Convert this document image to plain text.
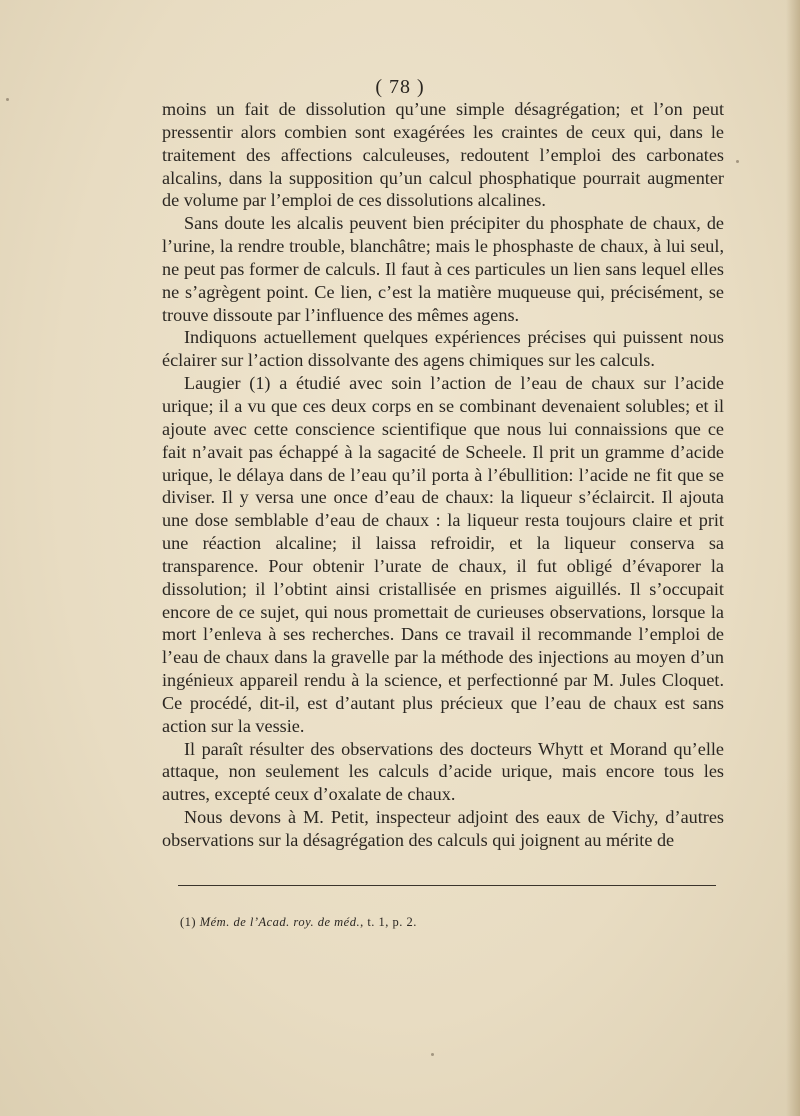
( 78 )

moins un fait de dissolution qu’une simple désagrégation; et l’on peut pressentir alors combien sont exagérées les craintes de ceux qui, dans le traitement des affections calculeuses, redoutent l’emploi des carbonates alcalins, dans la supposition qu’un calcul phosphatique pourrait augmenter de volume par l’emploi de ces dissolutions alcalines.

Sans doute les alcalis peuvent bien précipiter du phosphate de chaux, de l’urine, la rendre trouble, blanchâtre; mais le phosphaste de chaux, à lui seul, ne peut pas former de calculs. Il faut à ces particules un lien sans lequel elles ne s’agrègent point. Ce lien, c’est la matière muqueuse qui, précisément, se trouve dissoute par l’influence des mêmes agens.

Indiquons actuellement quelques expériences précises qui puissent nous éclairer sur l’action dissolvante des agens chimiques sur les calculs.

Laugier (1) a étudié avec soin l’action de l’eau de chaux sur l’acide urique; il a vu que ces deux corps en se combinant devenaient solubles; et il ajoute avec cette conscience scientifique que nous lui connaissions que ce fait n’avait pas échappé à la sagacité de Scheele. Il prit un gramme d’acide urique, le délaya dans de l’eau qu’il porta à l’ébullition: l’acide ne fit que se diviser. Il y versa une once d’eau de chaux: la liqueur s’éclaircit. Il ajouta une dose semblable d’eau de chaux : la liqueur resta toujours claire et prit une réaction alcaline; il laissa refroidir, et la liqueur conserva sa transparence. Pour obtenir l’urate de chaux, il fut obligé d’évaporer la dissolution; il l’obtint ainsi cristallisée en prismes aiguillés. Il s’occupait encore de ce sujet, qui nous promettait de curieuses observations, lorsque la mort l’enleva à ses recherches. Dans ce travail il recommande l’emploi de l’eau de chaux dans la gravelle par la méthode des injections au moyen d’un ingénieux appareil rendu à la science, et perfectionné par M. Jules Cloquet. Ce procédé, dit-il, est d’autant plus précieux que l’eau de chaux est sans action sur la vessie.

Il paraît résulter des observations des docteurs Whytt et Morand qu’elle attaque, non seulement les calculs d’acide urique, mais encore tous les autres, excepté ceux d’oxalate de chaux.

Nous devons à M. Petit, inspecteur adjoint des eaux de Vichy, d’autres observations sur la désagrégation des calculs qui joignent au mérite de

(1) Mém. de l’Acad. roy. de méd., t. 1, p. 2.
